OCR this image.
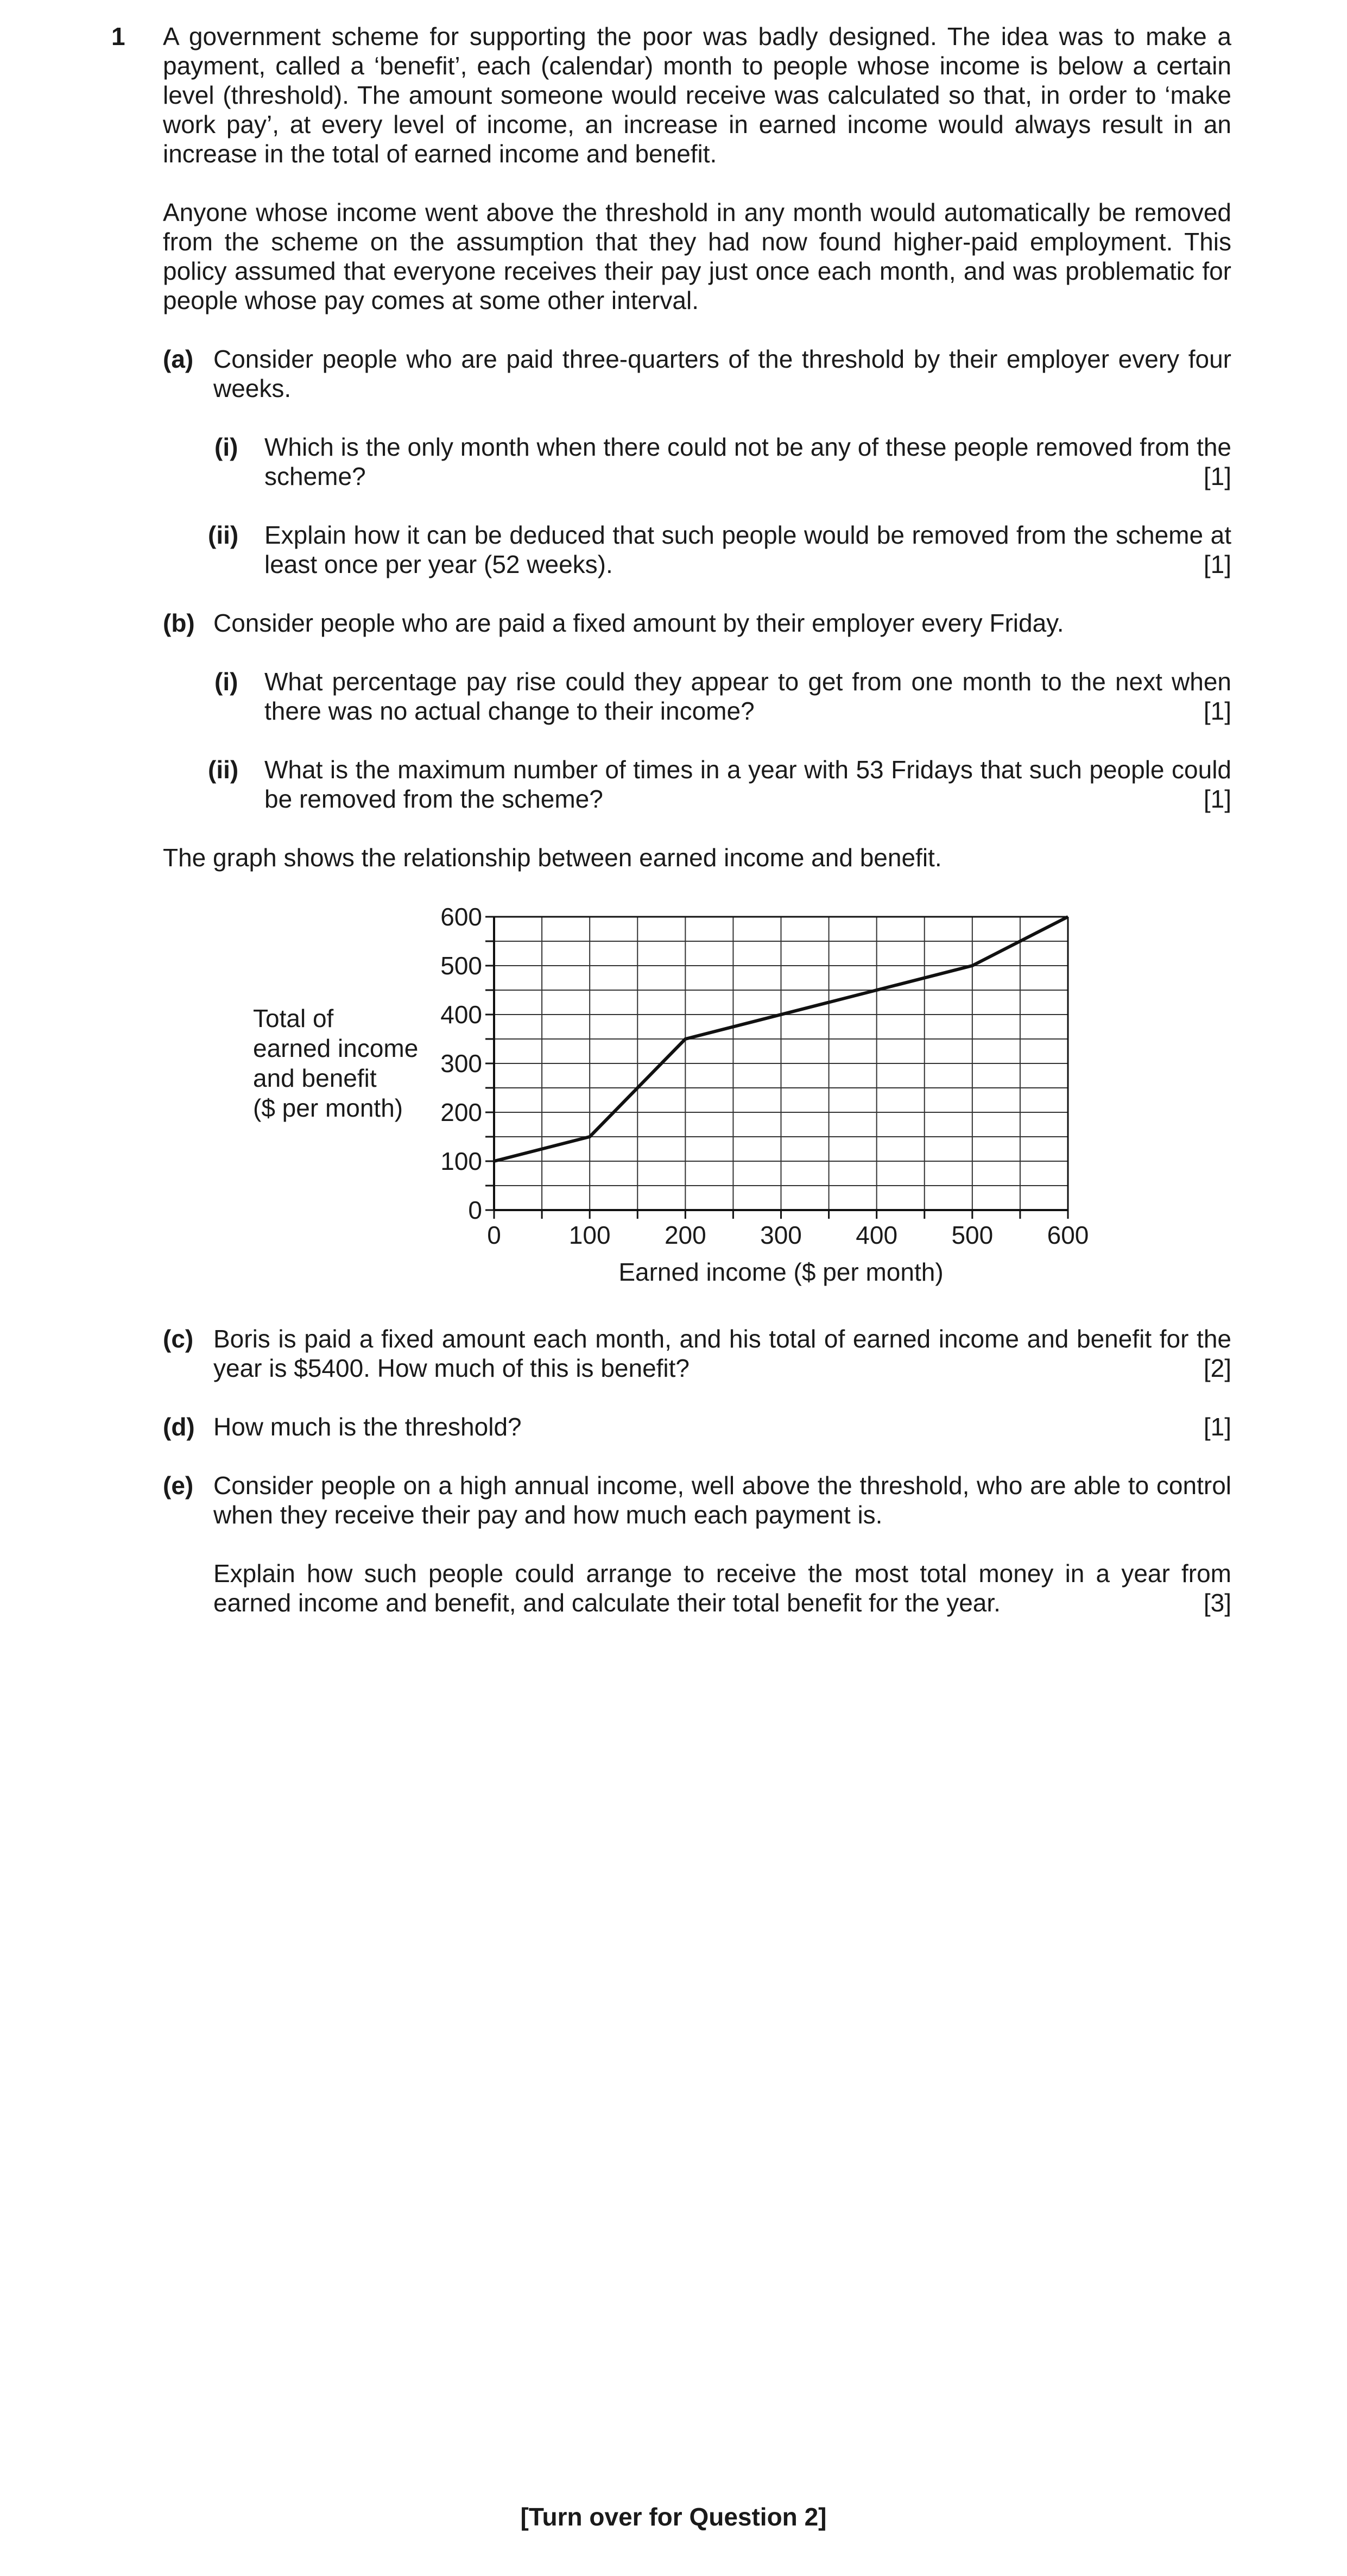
1 A government scheme for supporting the poor was badly designed. The idea was to make a payment, called a ‘benefit’, each (calendar) month to people whose income is below a certain level (threshold). The amount someone would receive was calculated so that, in order to ‘make work pay’, at every level of income, an increase in earned income would always result in an increase in the total of earned income and benefit.

Anyone whose income went above the threshold in any month would automatically be removed from the scheme on the assumption that they had now found higher-paid employment. This policy assumed that everyone receives their pay just once each month, and was problematic for people whose pay comes at some other interval.

(a) Consider people who are paid three-quarters of the threshold by their employer every four weeks.

(i) Which is the only month when there could not be any of these people removed from the scheme?	[1]
(ii) Explain how it can be deduced that such people would be removed from the scheme at least once per year (52 weeks).	[1]
(b) Consider people who are paid a fixed amount by their employer every Friday.

(i) What percentage pay rise could they appear to get from one month to the next when there was no actual change to their income?	[1]
(ii) What is the maximum number of times in a year with 53 Fridays that such people could be removed from the scheme?	[1]

The graph shows the relationship between earned income and benefit.

Total of
earned income
and benefit
($ per month)
0	100 200 300 400 500 600
0
100
200
300
400
500
600
Earned income ($ per month)
(c) Boris is paid a fixed amount each month, and his total of earned income and benefit for the year is $5400. How much of this is benefit?	[2]
(d) How much is the threshold?	[1]
(e) Consider people on a high annual income, well above the threshold, who are able to control when they receive their pay and how much each payment is.

Explain how such people could arrange to receive the most total money in a year from earned income and benefit, and calculate their total benefit for the year.	[3]
[Turn over for Question 2]
